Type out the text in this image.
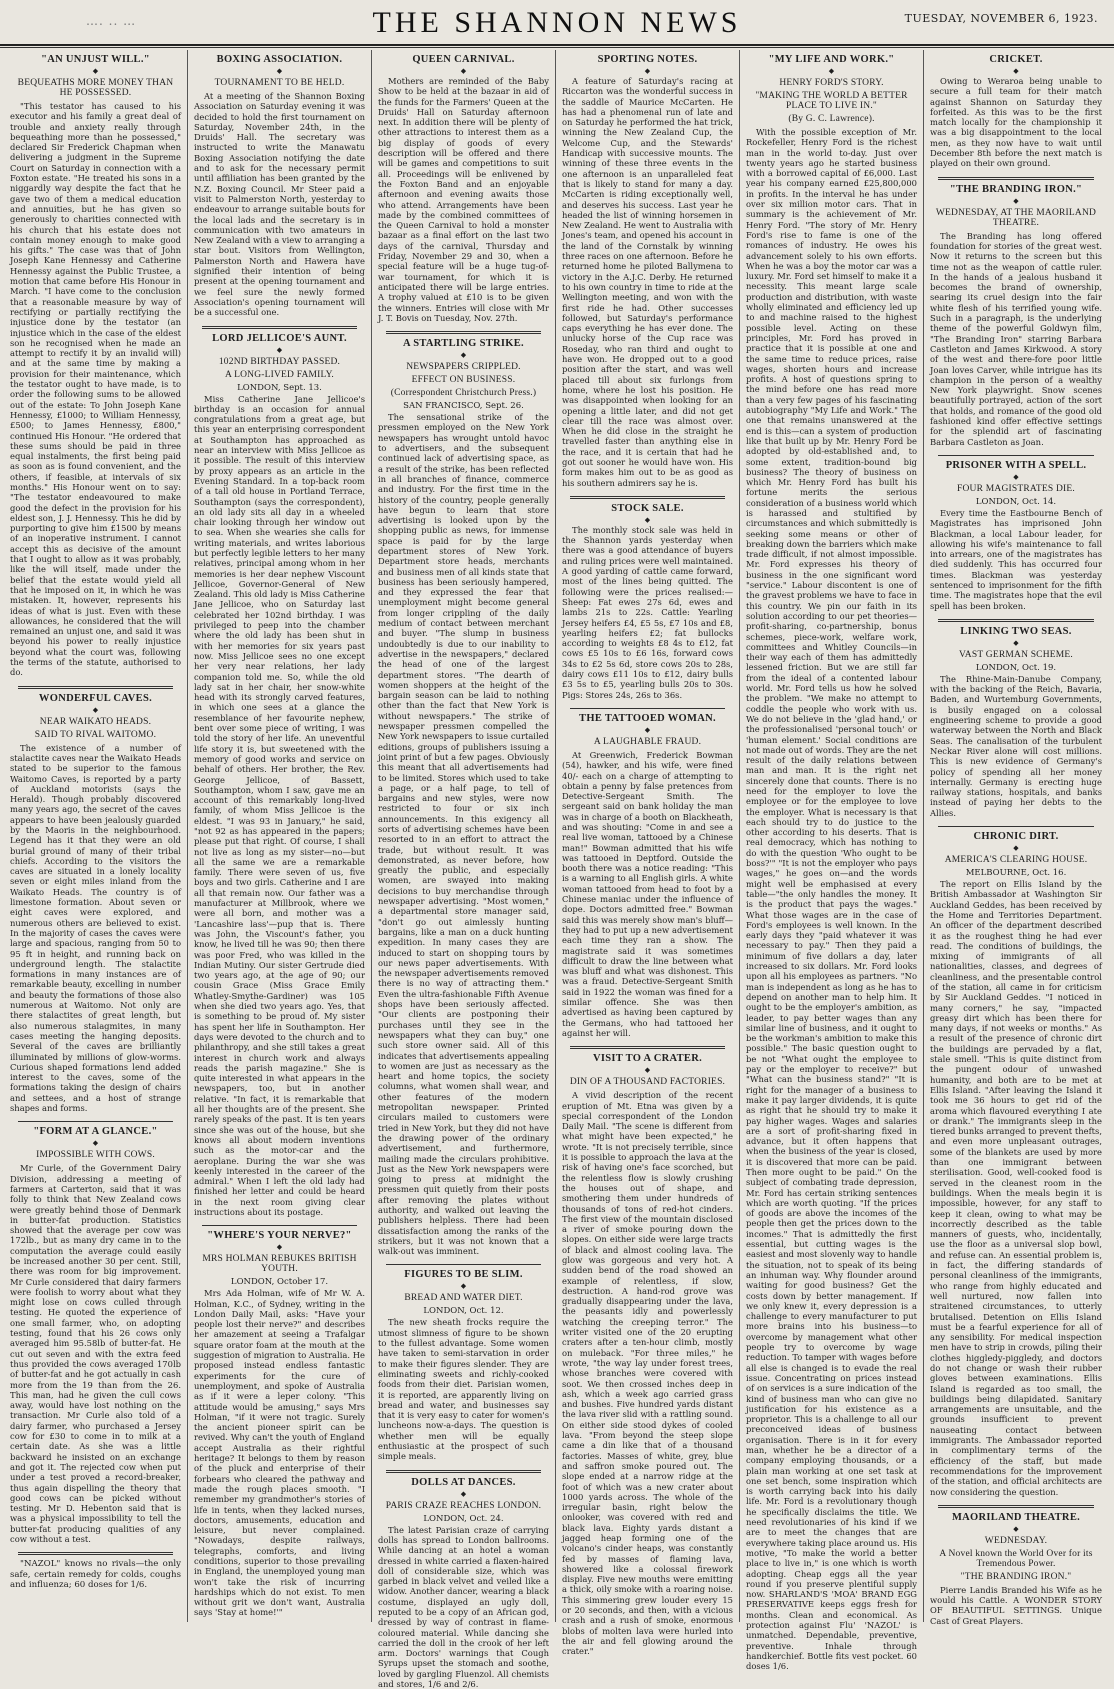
…. .. …	THE SHANNON NEWS	TUESDAY, NOVEMBER 6, 1923.
"AN UNJUST WILL."
◆
BEQUEATHS MORE MONEY THAN HE POSSESSED.

"This testator has caused to his executor and his family a great deal of trouble and anxiety really through bequeathing more than he possessed," declared Sir Frederick Chapman when delivering a judgment in the Supreme Court on Saturday in connection with a Foxton estate. "He treated his sons in a niggardly way despite the fact that he gave two of them a medical education and annuities, but he has given so generously to charities connected with his church that his estate does not contain money enough to make good his gifts." The case was that of John Joseph Kane Hennessy and Catherine Hennessy against the Public Trustee, a motion that came before His Honour in March. "I have come to the conclusion that a reasonable measure by way of rectifying or partially rectifying the injustice done by the testator (an injustice which in the case of the eldest son he recognised when he made an attempt to rectify it by an invalid will) and at the same time by making a provision for their maintenance, which the testator ought to have made, is to order the following sums to be allowed out of the estate: To John Joseph Kane Hennessy, £1000; to William Hennessy, £500; to James Hennessy, £800," continued His Honour. "He ordered that these sums should be paid in three equal instalments, the first being paid as soon as is found convenient, and the others, if feasible, at intervals of six months." His Honour went on to say: "The testator endeavoured to make good the defect in the provision for his eldest son, J. J. Hennessy. This he did by purporting to give him £1500 by means of an inoperative instrument. I cannot accept this as decisive of the amount that I ought to allow as it was probably, like the will itself, made under the belief that the estate would yield all that he imposed on it, in which he was mistaken. It, however, represents his ideas of what is just. Even with these allowances, he considered that the will remained an unjust one, and said it was beyond his power to really injustice beyond what the court was, following the terms of the statute, authorised to do.

WONDERFUL CAVES.
◆
NEAR WAIKATO HEADS.
SAID TO RIVAL WAITOMO.

The existence of a number of stalactite caves near the Waikato Heads stated to be superior to the famous Waitomo Caves, is reported by a party of Auckland motorists (says the Herald). Though probably discovered many years ago, the secret of the caves appears to have been jealously guarded by the Maoris in the neighbourhood. Legend has it that they were an old burial ground of many of their tribal chiefs. According to the visitors the caves are situated in a lonely locality seven or eight miles inland from the Waikato Heads. The country is of limestone formation. About seven or eight caves were explored, and numerous others are believed to exist. In the majority of cases the caves were large and spacious, ranging from 50 to 95 ft in height, and running back on underground length. The stalactite formations in many instances are of remarkable beauty, excelling in number and beauty the formations of those also numerous at Waitomo. Not only are there stalactites of great length, but also numerous stalagmites, in many cases meeting the hanging deposits. Several of the caves are brilliantly illuminated by millions of glow-worms. Curious shaped formations lend added interest to the caves, some of the formations taking the design of chairs and settees, and a host of strange shapes and forms.

"FORM AT A GLANCE."
◆
IMPOSSIBLE WITH COWS.

Mr Curle, of the Government Dairy Division, addressing a meeting of farmers at Carterton, said that it was folly to think that New Zealand cows were greatly behind those of Denmark in butter-fat production. Statistics showed that the average per cow was 172lb., but as many dry came in to the computation the average could easily be increased another 30 per cent. Still, there was room for big improvement. Mr Curle considered that dairy farmers were foolish to worry about what they might lose on cows culled through testing. He quoted the experience of one small farmer, who, on adopting testing, found that his 26 cows only averaged him 95.58lb of butter-fat. He cut out seven and with the extra feed thus provided the cows averaged 170lb of butter-fat and he got actually in cash more from the 19 than from the 26. This man, had he given the cull cows away, would have lost nothing on the transaction. Mr Curle also told of a dairy farmer, who purchased a Jersey cow for £30 to come in to milk at a certain date. As she was a little backward he insisted on an exchange and got it. The rejected cow when put under a test proved a record-breaker, thus again dispelling the theory that good cows can be picked without testing. Mr D. Hebenton said that is was a physical impossibility to tell the butter-fat producing qualities of any cow without a test.

"NAZOL" knows no rivals—the only safe, certain remedy for colds, coughs and influenza; 60 doses for 1/6.

BOXING ASSOCIATION.
◆
TOURNAMENT TO BE HELD.

At a meeting of the Shannon Boxing Association on Saturday evening it was decided to hold the first tournament on Saturday, November 24th, in the Druids' Hall. The secretary was instructed to write the Manawatu Boxing Association notifying the date and to ask for the necessary permit until affiliation has been granted by the N.Z. Boxing Council. Mr Steer paid a visit to Palmerston North, yesterday to endeavour to arrange suitable bouts for the local lads and the secretary is in communication with two amateurs in New Zealand with a view to arranging a star bout. Visitors from Wellington, Palmerston North and Hawera have signified their intention of being present at the opening tournament and we feel sure the newly formed Association's opening tournament will be a successful one.

LORD JELLICOE'S AUNT.
◆
102ND BIRTHDAY PASSED.
A LONG-LIVED FAMILY.
LONDON, Sept. 13.

Miss Catherine Jane Jellicoe's birthday is an occasion for annual congratulations from a great age, but this year an enterprising correspondent at Southampton has approached as near an interview with Miss Jellicoe as it possible. The result of this interview by proxy appears as an article in the Evening Standard. In a top-back room of a tall old house in Portland Terrace, Southampton (says the correspondent), an old lady sits all day in a wheeled chair looking through her window out to sea. When she wearies she calls for writing materials, and writes laborious but perfectly legible letters to her many relatives, principal among whom in her memories is her dear nephew Viscount Jellicoe, Governor-General of New Zealand. This old lady is Miss Catherine Jane Jellicoe, who on Saturday last celebrated her 102nd birthday. I was privileged to peep into the chamber where the old lady has been shut in with her memories for six years past now. Miss Jellicoe sees no one except her very near relations, her lady companion told me. So, while the old lady sat in her chair, her snow-white head with its strongly carved features, in which one sees at a glance the resemblance of her favourite nephew, bent over some piece of writing, I was told the story of her life. An uneventful life story it is, but sweetened with the memory of good works and service on behalf of others. Her brother, the Rev. George Jellicoe, of Bassett, Southampton, whom I saw, gave me an account of this remarkably long-lived family, of whom Miss Jellicoe is the eldest. "I was 93 in January," he said, "not 92 as has appeared in the papers; please put that right. Of course, I shall not live as long as my sister—no—but all the same we are a remarkable family. There were seven of us, five boys and two girls. Catherine and I are all that remain now. Our father was a manufacturer at Millbrook, where we were all born, and mother was a 'Lancashire lass'—pup that is. There was John, the Viscount's father, you know, he lived till he was 90; then there was poor Fred, who was killed in the Indian Mutiny. Our sister Gertrude died two years ago, at the age of 90; our cousin Grace (Miss Grace Emily Whatley-Smythe-Gardiner) was 105 when she died two years ago. Yes, that is something to be proud of. My sister has spent her life in Southampton. Her days were devoted to the church and to philanthropy, and she still takes a great interest in church work and always reads the parish magazine." She is quite interested in what appears in the newspapers, too, but in another relative. "In fact, it is remarkable that all her thoughts are of the present. She rarely speaks of the past. It is ten years since she was out of the house, but she knows all about modern inventions such as the motor-car and the aeroplane. During the war she was keenly interested in the career of the admiral." When I left the old lady had finished her letter and could be heard in the next room giving clear instructions about its postage.

"WHERE'S YOUR NERVE?"
◆
MRS HOLMAN REBUKES BRITISH YOUTH.
LONDON, October 17.

Mrs Ada Holman, wife of Mr W. A. Holman, K.C., of Sydney, writing in the London Daily Mail, asks: "Have your people lost their nerve?" and describes her amazement at seeing a Trafalgar square orator foam at the mouth at the suggestion of migration to Australia. He proposed instead endless fantastic experiments for the cure of unemployment, and spoke of Australia as if it were a leper colony. "This attitude would be amusing," says Mrs Holman, "if it were not tragic. Surely the ancient pioneer spirit can be revived. Why can't the youth of England accept Australia as their rightful heritage? It belongs to them by reason of the pluck and enterprise of their forbears who cleared the pathway and made the rough places smooth. "I remember my grandmother's stories of life in tents, when they lacked nurses, doctors, amusements, education and leisure, but never complained. "Nowadays, despite railways, telegraphs, comforts, and living conditions, superior to those prevailing in England, the unemployed young man won't take the risk of incurring hardships which do not exist. To men without grit we don't want, Australia says 'Stay at home!'"

QUEEN CARNIVAL.
◆

Mothers are reminded of the Baby Show to be held at the bazaar in aid of the funds for the Farmers' Queen at the Druids' Hall on Saturday afternoon next. In addition there will be plenty of other attractions to interest them as a big display of goods of every description will be offered and there will be games and competitions to suit all. Proceedings will be enlivened by the Foxton Band and an enjoyable afternoon and evening awaits those who attend. Arrangements have been made by the combined committees of the Queen Carnival to hold a monster bazaar as a final effort on the last two days of the carnival, Thursday and Friday, November 29 and 30, when a special feature will be a huge tug-of-war tournament, for which it is anticipated there will be large entries. A trophy valued at £10 is to be given the winners. Entries will close with Mr J. T. Bovis on Tuesday, Nov. 27th.

A STARTLING STRIKE.
◆
NEWSPAPERS CRIPPLED.
EFFECT ON BUSINESS.
(Correspondent Christchurch Press.)
SAN FRANCISCO, Sept. 26.

The sensational strike of the pressmen employed on the New York newspapers has wrought untold havoc to advertisers, and the subsequent continued lack of advertising space, as a result of the strike, has been reflected in all branches of finance, commerce and industry. For the first time in the history of the country, people generally have begun to learn that store advertising is looked upon by the shopping public as news, for immense space is paid for by the large department stores of New York. Department store heads, merchants and business men of all kinds state that business has been seriously hampered, and they expressed the fear that unemployment might become general from longer crippling of the daily medium of contact between merchant and buyer. "The slump in business undoubtedly is due to our inability to advertise in the newspapers," declared the head of one of the largest department stores. "The dearth of women shoppers at the height of the bargain season can be laid to nothing other than the fact that New York is without newspapers." The strike of newspaper pressmen compelled the New York newspapers to issue curtailed editions, groups of publishers issuing a joint print of but a few pages. Obviously this meant that all advertisements had to be limited. Stores which used to take a page, or a half page, to tell of bargains and new styles, were now restricted to four or six inch announcements. In this exigency all sorts of advertising schemes have been resorted to in an effort to attract the trade, but without result. It was demonstrated, as never before, how greatly the public, and especially women, are swayed into making decisions to buy merchandise through newspaper advertising. "Most women," a departmental store manager said, "don't go out aimlessly hunting bargains, like a man on a duck hunting expedition. In many cases they are induced to start on shopping tours by our news paper advertisements. With the newspaper advertisements removed there is no way of attracting them." Even the ultra-fashionable Fifth Avenue shops have been seriously affected. "Our clients are postponing their purchases until they see in the newspapers what they can buy," one such store owner said. All of this indicates that advertisements appealing to women are just as necessary as the heart and home topics, the society columns, what women shall wear, and other features of the modern metropolitan newspaper. Printed circulars mailed to customers were tried in New York, but they did not have the drawing power of the ordinary advertisement, and furthermore, mailing made the circulars prohibitive. Just as the New York newspapers were going to press at midnight the pressmen quit quietly from their posts after removing the plates without authority, and walked out leaving the publishers helpless. There had been dissatisfaction among the ranks of the strikers, but it was not known that a walk-out was imminent.

FIGURES TO BE SLIM.
◆
BREAD AND WATER DIET.
LONDON, Oct. 12.

The new sheath frocks require the utmost slimness of figure to be shown to the fullest advantage. Some women have taken to semi-starvation in order to make their figures slender. They are eliminating sweets and richly-cooked foods from their diet. Parisian women, it is reported, are apparently living on bread and water, and businesses say that it is very easy to cater for women's luncheons now-a-days. The question is whether men will be equally enthusiastic at the prospect of such simple meals.

DOLLS AT DANCES.
◆
PARIS CRAZE REACHES LONDON.
LONDON, Oct. 24.

The latest Parisian craze of carrying dolls has spread to London ballrooms. While dancing at an hotel a woman dressed in white carried a flaxen-haired doll of considerable size, which was garbed in black velvet and veiled like a widow. Another dancer, wearing a black costume, displayed an ugly doll, reputed to be a copy of an African god, dressed by way of contrast in flame-coloured material. While dancing she carried the doll in the crook of her left arm. Doctors' warnings that Cough Syrups upset the stomach and soothe, loved by gargling Fluenzol. All chemists and stores, 1/6 and 2/6.

SPORTING NOTES.
◆

A feature of Saturday's racing at Riccarton was the wonderful success in the saddle of Maurice McCarten. He has had a phenomenal run of late and on Saturday he performed the hat trick, winning the New Zealand Cup, the Welcome Cup, and the Stewards' Handicap with successive mounts. The winning of these three events in the one afternoon is an unparalleled feat that is likely to stand for many a day. McCarten is riding exceptionally well, and deserves his success. Last year he headed the list of winning horsemen in New Zealand. He went to Australia with Jones's team, and opened his account in the land of the Cornstalk by winning three races on one afternoon. Before he returned home he piloted Ballymena to victory in the A.J.C. Derby. He returned to his own country in time to ride at the Wellington meeting, and won with the first ride he had. Other successes followed, but Saturday's performance caps everything he has ever done. The unlucky horse of the Cup race was Roseday, who ran third and ought to have won. He dropped out to a good position after the start, and was well placed till about six furlongs from home, where he lost his position. He was disappointed when looking for an opening a little later, and did not get clear till the race was almost over. When he did close in the straight he travelled faster than anything else in the race, and it is certain that had he got out sooner he would have won. His form makes him out to be as good as his southern admirers say he is.

STOCK SALE.
◆

The monthly stock sale was held in the Shannon yards yesterday when there was a good attendance of buyers and ruling prices were well maintained. A good yarding of cattle came forward, most of the lines being quitted. The following were the prices realised:—Sheep: Fat ewes 27s 6d, ewes and lambs 21s to 22s. Cattle: Yearling Jersey heifers £4, £5 5s, £7 10s and £8, yearling heifers £2; fat bullocks according to weights £8 4s to £12, fat cows £5 10s to £6 16s, forward cows 34s to £2 5s 6d, store cows 20s to 28s, dairy cows £11 10s to £12, dairy bulls £3 5s to £5, yearling bulls 20s to 30s. Pigs: Stores 24s, 26s to 36s.

THE TATTOOED WOMAN.
◆
A LAUGHABLE FRAUD.

At Greenwich, Frederick Bowman (54), hawker, and his wife, were fined 40/- each on a charge of attempting to obtain a penny by false pretences from Detective-Sergeant Smith. The sergeant said on bank holiday the man was in charge of a booth on Blackheath, and was shouting: "Come in and see a real live woman, tattooed by a Chinese man!" Bowman admitted that his wife was tattooed in Deptford. Outside the booth there was a notice reading: "This is a warning to all English girls. A white woman tattooed from head to foot by a Chinese maniac under the influence of dope. Doctors admitted free." Bowman said this was merely show man's bluff—they had to put up a new advertisement each time they ran a show. The magistrate said it was sometimes difficult to draw the line between what was bluff and what was dishonest. This was a fraud. Detective-Sergeant Smith said in 1922 the woman was fined for a similar offence. She was then advertised as having been captured by the Germans, who had tattooed her against her will.

VISIT TO A CRATER.
◆
DIN OF A THOUSAND FACTORIES.

A vivid description of the recent eruption of Mt. Etna was given by a special correspondent of the London Daily Mail. "The scene is different from what might have been expected," he wrote. "It is not precisely terrible, since it is possible to approach the lava at the risk of having one's face scorched, but the relentless flow is slowly crushing the houses out of shape, and smothering them under hundreds of thousands of tons of red-hot cinders. The first view of the mountain disclosed a river of smoke pouring down the slopes. On either side were large tracts of black and almost cooling lava. The glow was gorgeous and very hot. A sudden bend of the road showed an example of relentless, if slow, destruction. A hand-rod grove was gradually disappearing under the lava, the peasants idly and powerlessly watching the creeping terror." The writer visited one of the 20 erupting craters after a ten-hour climb, mostly on muleback. "For three miles," he wrote, "the way lay under forest trees, whose branches were covered with soot. We then crossed inches deep in ash, which a week ago carried grass and bushes. Five hundred yards distant the lava river slid with a rattling sound. On either side stood dykes of cooled lava. "From beyond the steep slope came a din like that of a thousand factories. Masses of white, grey, blue and saffron smoke poured out. The slope ended at a narrow ridge at the foot of which was a new crater about 1000 yards across. The whole of the irregular basin, right below the onlooker, was covered with red and black lava. Eighty yards distant a jagged heap forming one of the volcano's cinder heaps, was constantly fed by masses of flaming lava, showered like a colossal firework display. Five new mouths were emitting a thick, oily smoke with a roaring noise. This simmering grew louder every 15 or 20 seconds, and then, with a vicious crash and a rush of smoke, enormous blobs of molten lava were hurled into the air and fell glowing around the crater."

"MY LIFE AND WORK."
◆
HENRY FORD'S STORY.
"MAKING THE WORLD A BETTER PLACE TO LIVE IN."
(By G. C. Lawrence).

With the possible exception of Mr. Rockefeller, Henry Ford is the richest man in the world to-day. Just over twenty years ago he started business with a borrowed capital of £6,000. Last year his company earned £25,800,000 in profits. In the interval he has under over six million motor cars. That in summary is the achievement of Mr. Henry Ford. "The story of Mr. Henry Ford's rise to fame is one of the romances of industry. He owes his advancement solely to his own efforts. When he was a boy the motor car was a luxury. Mr. Ford set himself to make it a necessity. This meant large scale production and distribution, with waste wholly eliminated and efficiency led up to and machine raised to the highest possible level. Acting on these principles, Mr. Ford has proved in practice that it is possible at one and the same time to reduce prices, raise wages, shorten hours and increase profits. A host of questions spring to the mind before one has read more than a very few pages of his fascinating autobiography "My Life and Work." The one that remains unanswered at the end is this—can a system of production like that built up by Mr. Henry Ford be adopted by old-established and, to some extent, tradition-bound big business? The theory of business on which Mr. Henry Ford has built his fortune merits the serious consideration of a business world which is harassed and stultified by circumstances and which submittedly is seeking some means or other of breaking down the barriers which make trade difficult, if not almost impossible. Mr. Ford expresses his theory of business in the one significant word "service." Labour discontent is one of the gravest problems we have to face in this country. We pin our faith in its solution according to our pet theories—profit-sharing, co-partnership, bonus schemes, piece-work, welfare work, committees and Whitley Councils—in their way each of them has admittedly lessened friction. But we are still far from the ideal of a contented labour world. Mr. Ford tells us how he solved the problem. "We make no attempt to coddle the people who work with us. We do not believe in the 'glad hand,' or the professionalised 'personal touch' or 'human element.' Social conditions are not made out of words. They are the net result of the daily relations between man and man. It is the right net sincerely done that counts. There is no need for the employer to love the employee or for the employee to love the employer. What is necessary is that each should try to do justice to the other according to his deserts. That is real democracy, which has nothing to do with the question 'Who ought to be boss?'" "It is not the employer who pays wages," he goes on—and the words might well be emphasised at every table—"the only handles the money. It is the product that pays the wages." What those wages are in the case of Ford's employees is well known. In the early days they "paid whatever it was necessary to pay." Then they paid a minimum of five dollars a day, later increased to six dollars. Mr. Ford looks upon all his employees as partners. "No man is independent as long as he has to depend on another man to help him. It ought to be the employer's ambition, as leader, to pay better wages than any similar line of business, and it ought to be the workman's ambition to make this possible." The basic question ought to be not "What ought the employee to pay or the employer to receive?" but "What can the business stand?" "It is right for the manager of a business to make it pay larger dividends, it is quite as right that he should try to make it pay higher wages. Wages and salaries are a sort of profit-sharing fixed in advance, but it often happens that when the business of the year is closed, it is discovered that more can be paid. Then more ought to be paid." On the subject of combating trade depression, Mr. Ford has certain striking sentences which are worth quoting. "If the prices of goods are above the incomes of the people then get the prices down to the incomes." That is admittedly the first essential, but cutting wages is the easiest and most slovenly way to handle the situation, not to speak of its being an inhuman way. Why flounder around waiting for good business? Get the costs down by better management. If we only knew it, every depression is a challenge to every manufacturer to put more brains into his business—to overcome by management what other people try to overcome by wage reduction. To tamper with wages before all else is changed is to evade the real issue. Concentrating on prices instead of on services is a sure indication of the kind of business man who can give no justification for his existence as a proprietor. This is a challenge to all our preconceived ideas of business organisation. There is in it for every man, whether he be a director of a company employing thousands, or a plain man working at one set task at one set bench, some inspiration which is worth carrying back into his daily life. Mr. Ford is a revolutionary though he specifically disclaims the title. We need revolutionaries of his kind if we are to meet the changes that are everywhere taking place around us. His motive, "To make the world a better place to live in," is one which is worth adopting. Cheap eggs all the year round if you preserve plentiful supply now. SHARLAND'S 'MOA' BRAND EGG PRESERVATIVE keeps eggs fresh for months. Clean and economical. As protection against Flu' 'NAZOL' is unmatched. Dependable, preventive, preventive. Inhale through handkerchief. Bottle fits vest pocket. 60 doses 1/6.

CRICKET.
◆

Owing to Weraroa being unable to secure a full team for their match against Shannon on Saturday they forfeited. As this was to be the first match locally for the championship it was a big disappointment to the local men, as they now have to wait until December 8th before the next match is played on their own ground.

"THE BRANDING IRON."
◆
WEDNESDAY, AT THE MAORILAND THEATRE.

The Branding has long offered foundation for stories of the great west. Now it returns to the screen but this time not as the weapon of cattle ruler. In the hands of a jealous husband it becomes the brand of ownership, searing its cruel design into the fair white flesh of his terrified young wife. Such in a paragraph, is the underlying theme of the powerful Goldwyn film, "The Branding Iron" starring Barbara Castleton and James Kirkwood. A story of the west and there-fore poor little Joan loves Carver, while intrigue has its champion in the person of a wealthy New York playwright. Snow scenes beautifully portrayed, action of the sort that holds, and romance of the good old fashioned kind offer effective settings for the splendid art of fascinating Barbara Castleton as Joan.

PRISONER WITH A SPELL.
◆
FOUR MAGISTRATES DIE.
LONDON, Oct. 14.

Every time the Eastbourne Bench of Magistrates has imprisoned John Blackman, a local Labour leader, for allowing his wife's maintenance to fall into arrears, one of the magistrates has died suddenly. This has occurred four times. Blackman was yesterday sentenced to imprisonment for the fifth time. The magistrates hope that the evil spell has been broken.

LINKING TWO SEAS.
◆
VAST GERMAN SCHEME.
LONDON, Oct. 19.

The Rhine-Main-Danube Company, with the backing of the Reich, Bavaria, Baden, and Wurtemburg Governments, is busily engaged on a colossal engineering scheme to provide a good waterway between the North and Black Seas. The canalisation of the turbulent Neckar River alone will cost millions. This is new evidence of Germany's policy of spending all her money internally. Germany is erecting huge railway stations, hospitals, and banks instead of paying her debts to the Allies.

CHRONIC DIRT.
◆
AMERICA'S CLEARING HOUSE.
MELBOURNE, Oct. 16.

The report on Ellis Island by the British Ambassador at Washington Sir Auckland Geddes, has been received by the Home and Territories Department. An officer of the department described it as the roughest thing he had ever read. The conditions of buildings, the mixing of immigrants of all nationalities, classes, and degrees of cleanliness, and the presentable control of the station, all came in for criticism by Sir Auckland Geddes. "I noticed in many corners," he say, "impacted greasy dirt which has been there for many days, if not weeks or months." As a result of the presence of chronic dirt the buildings are pervaded by a flat, stale smell. "This is quite distinct from the pungent odour of unwashed humanity, and both are to be met at Ellis Island. "After leaving the Island it took me 36 hours to get rid of the aroma which flavoured everything I ate or drank." The immigrants sleep in the tiered bunks arranged to prevent thefts, and even more unpleasant outrages, some of the blankets are used by more than one immigrant between sterilisation. Good, well-cooked food is served in the cleanest room in the buildings. When the meals begin it is impossible, however, for any staff to keep it clean, owing to what may be incorrectly described as the table manners of guests, who, incidentally, use the floor as a universal slop bowl, and refuse can. An essential problem is, in fact, the differing standards of personal cleanliness of the immigrants, who range from highly educated and well nurtured, now fallen into straitened circumstances, to utterly brutalised. Detention on Ellis Island must be a fearful experience for all of any sensibility. For medical inspection men have to strip in crowds, piling their clothes higgledy-piggledy, and doctors do not change or wash their rubber gloves between examinations. Ellis Island is regarded as too small, the buildings being dilapidated. Sanitary arrangements are unsuitable, and the grounds insufficient to prevent nauseating contact between immigrants. The Ambassador reported in complimentary terms of the efficiency of the staff, but made recommendations for the improvement of the station, and official architects are now considering the question.

MAORILAND THEATRE.
◆
WEDNESDAY.
A Novel known the World Over for its Tremendous Power.
"THE BRANDING IRON."

Pierre Landis Branded his Wife as he would his Cattle. A WONDER STORY OF BEAUTIFUL SETTINGS. Unique Cast of Great Players.
